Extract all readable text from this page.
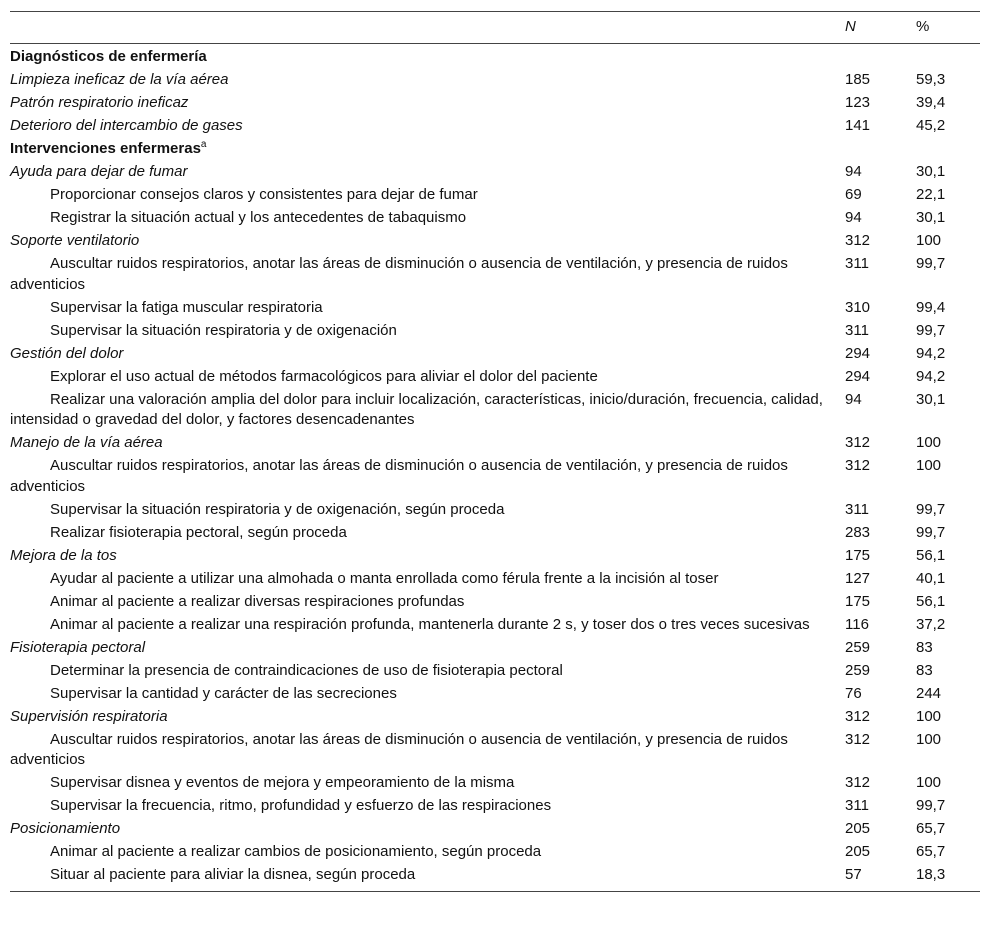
	N	%
Diagnósticos de enfermería		
Limpieza ineficaz de la vía aérea	185	59,3
Patrón respiratorio ineficaz	123	39,4
Deterioro del intercambio de gases	141	45,2
Intervenciones enfermeras$^a$		
Ayuda para dejar de fumar	94	30,1
Proporcionar consejos claros y consistentes para dejar de fumar	69	22,1
Registrar la situación actual y los antecedentes de tabaquismo	94	30,1
Soporte ventilatorio	312	100
Auscultar ruidos respiratorios, anotar las áreas de disminución o ausencia de ventilación, y presencia de ruidos adventicios	311	99,7
Supervisar la fatiga muscular respiratoria	310	99,4
Supervisar la situación respiratoria y de oxigenación	311	99,7
Gestión del dolor	294	94,2
Explorar el uso actual de métodos farmacológicos para aliviar el dolor del paciente	294	94,2
Realizar una valoración amplia del dolor para incluir localización, características, inicio/duración, frecuencia, calidad, intensidad o gravedad del dolor, y factores desencadenantes	94	30,1
Manejo de la vía aérea	312	100
Auscultar ruidos respiratorios, anotar las áreas de disminución o ausencia de ventilación, y presencia de ruidos adventicios	312	100
Supervisar la situación respiratoria y de oxigenación, según proceda	311	99,7
Realizar fisioterapia pectoral, según proceda	283	99,7
Mejora de la tos	175	56,1
Ayudar al paciente a utilizar una almohada o manta enrollada como férula frente a la incisión al toser	127	40,1
Animar al paciente a realizar diversas respiraciones profundas	175	56,1
Animar al paciente a realizar una respiración profunda, mantenerla durante 2 s, y toser dos o tres veces sucesivas	116	37,2
Fisioterapia pectoral	259	83
Determinar la presencia de contraindicaciones de uso de fisioterapia pectoral	259	83
Supervisar la cantidad y carácter de las secreciones	76	244
Supervisión respiratoria	312	100
Auscultar ruidos respiratorios, anotar las áreas de disminución o ausencia de ventilación, y presencia de ruidos adventicios	312	100
Supervisar disnea y eventos de mejora y empeoramiento de la misma	312	100
Supervisar la frecuencia, ritmo, profundidad y esfuerzo de las respiraciones	311	99,7
Posicionamiento	205	65,7
Animar al paciente a realizar cambios de posicionamiento, según proceda	205	65,7
Situar al paciente para aliviar la disnea, según proceda	57	18,3
